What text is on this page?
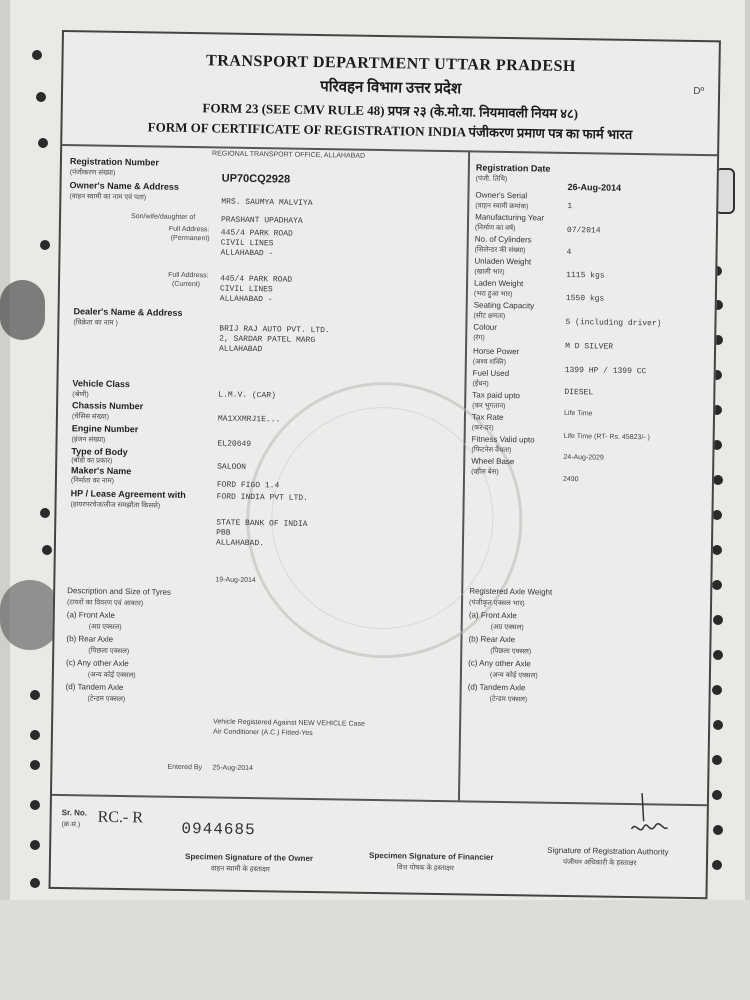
TRANSPORT DEPARTMENT UTTAR PRADESH
परिवहन विभाग उत्तर प्रदेश
FORM 23 (SEE CMV RULE 48) प्रपत्र २३ (के.मो.या. नियमावली नियम ४८)
FORM OF CERTIFICATE OF REGISTRATION INDIA पंजीकरण प्रमाण पत्र का फार्म भारत
Dº
REGIONAL TRANSPORT OFFICE, ALLAHABAD
Registration Number
(पंजीकरण संख्या)	UP70CQ2928
Owner's Name & Address
(वाहन स्वामी का नाम एवं पता)
MRS. SAUMYA MALVIYA
Son/wife/daughter of	PRASHANT UPADHAYA
Full Address:
(Permanent) 445/4 PARK ROAD
CIVIL LINES
ALLAHABAD -
Full Address:
(Current) 445/4 PARK ROAD
CIVIL LINES
ALLAHABAD -
Dealer's Name & Address
(विक्रेता का नाम )
BRIJ RAJ AUTO PVT. LTD.
2, SARDAR PATEL MARG
ALLAHABAD
Vehicle Class
(श्रेणी)	L.M.V. (CAR)
Chassis Number
(चेसिस संख्या)	MA1XXMRJ1E...
Engine Number
(इंजन संख्या)	EL20649
Type of Body
(बॉडी का प्रकार)
SALOON
Maker's Name
(निर्माता का नाम)	FORD FIGO 1.4
FORD INDIA PVT LTD.
HP / Lease Agreement with
(हायरपरचेज/लीज समझौता किससे)
STATE BANK OF INDIA
PBB
ALLAHABAD.
19-Aug-2014
Description and Size of Tyres
(टायरों का विवरण एवं आकार)
(a) Front Axle
(अग्र एक्सल)
(b) Rear Axle
(पिछला एक्सल)
(c) Any other Axle
(अन्य कोई एक्सल)
(d) Tandem Axle
(टेन्डम एक्सल)
Vehicle Registered Against NEW VEHICLE Case
Air Conditioner (A.C.) Fitted-Yes
Entered By 25-Aug-2014
Registration Date
(पंजी. तिथि)
26-Aug-2014
Owner's Serial
(वाहन स्वामी क्रमांक)	1
Manufacturing Year
(निर्माण का वर्ष)	07/2014
No. of Cylinders
(सिलेन्डर की संख्या)	4
Unladen Weight
(खाली भार)	1115 kgs
Laden Weight
(भरा हुआ भार)	1550 kgs
Seating Capacity
(सीट क्षमता)
5 (including driver)
Colour
(रंग)
M D SILVER
Horse Power
(अश्व शक्ति)
1399 HP / 1399 CC
Fuel Used
(ईंधन)
DIESEL
Tax paid upto
(कर भुगतान)
Life Time
Tax Rate
(कर-दर)
Life Time (RT- Rs. 45823/- )
Fitness Valid upto
(फिटनेस वैधता)
24-Aug-2029
Wheel Base
(व्हील बेस)
2490
Registered Axle Weight
(पंजीकृत एक्सल भार)
(a) Front Axle
(अग्र एक्सल)
(b) Rear Axle
(पिछला एक्सल)
(c) Any other Axle
(अन्य कोई एक्सल)
(d) Tandem Axle
(टेन्डम एक्सल)
Sr. No.
(क्र.सं.) RC.- R
0944685
Specimen Signature of the Owner
वाहन स्वामी के हस्ताक्षर
Specimen Signature of Financier
वित्त पोषक के हस्ताक्षर
Signature of Registration Authority
पंजीयन अधिकारी के हस्ताक्षर
